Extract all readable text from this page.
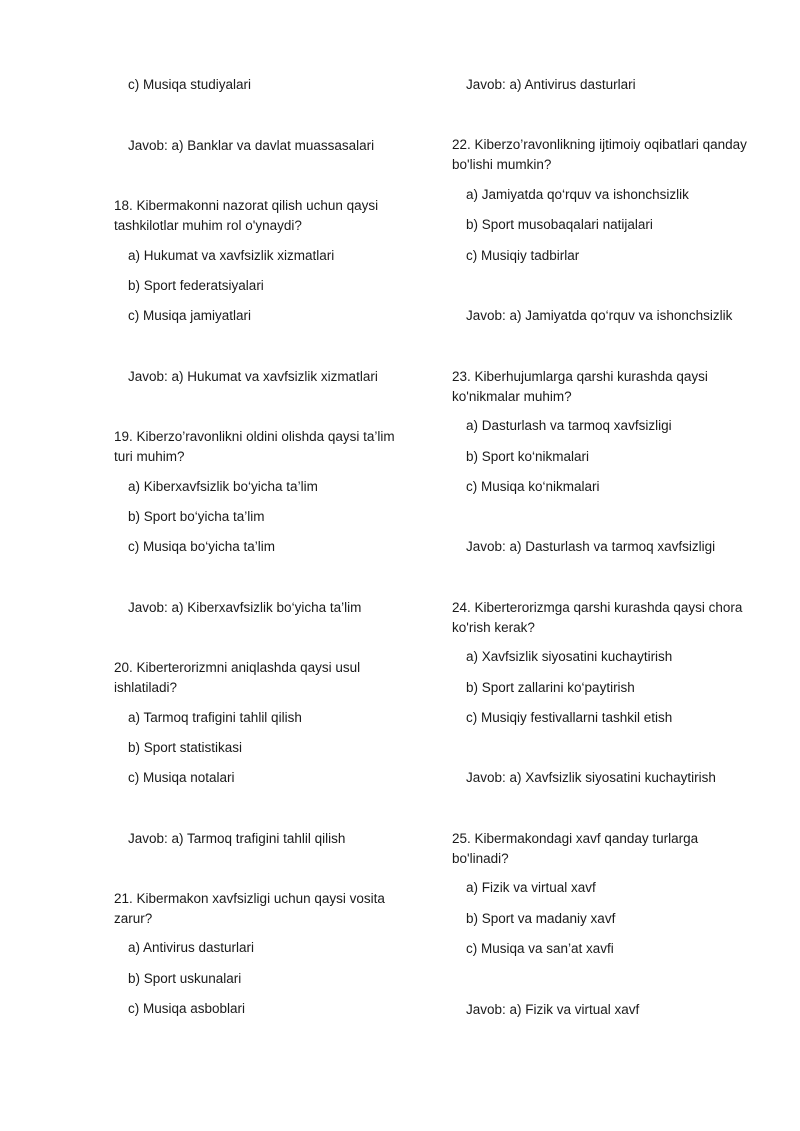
c) Musiqa studiyalari
Javob: a) Banklar va davlat muassasalari
18. Kibermakonni nazorat qilish uchun qaysi tashkilotlar muhim rol o'ynaydi?
a) Hukumat va xavfsizlik xizmatlari
b) Sport federatsiyalari
c) Musiqa jamiyatlari
Javob: a) Hukumat va xavfsizlik xizmatlari
19. Kiberzo’ravonlikni oldini olishda qaysi ta’lim turi muhim?
a) Kiberxavfsizlik bo‘yicha ta’lim
b) Sport bo‘yicha ta’lim
c) Musiqa bo‘yicha ta’lim
Javob: a) Kiberxavfsizlik bo‘yicha ta’lim
20. Kiberterorizmni aniqlashda qaysi usul ishlatiladi?
a) Tarmoq trafigini tahlil qilish
b) Sport statistikasi
c) Musiqa notalari
Javob: a) Tarmoq trafigini tahlil qilish
21. Kibermakon xavfsizligi uchun qaysi vosita zarur?
a) Antivirus dasturlari
b) Sport uskunalari
c) Musiqa asboblari
Javob: a) Antivirus dasturlari
22. Kiberzo’ravonlikning ijtimoiy oqibatlari qanday bo'lishi mumkin?
a) Jamiyatda qo‘rquv va ishonchsizlik
b) Sport musobaqalari natijalari
c) Musiqiy tadbirlar
Javob: a) Jamiyatda qo‘rquv va ishonchsizlik
23. Kiberhujumlarga qarshi kurashda qaysi ko'nikmalar muhim?
a) Dasturlash va tarmoq xavfsizligi
b) Sport ko‘nikmalari
c) Musiqa ko‘nikmalari
Javob: a) Dasturlash va tarmoq xavfsizligi
24. Kiberterorizmga qarshi kurashda qaysi chora ko'rish kerak?
a) Xavfsizlik siyosatini kuchaytirish
b) Sport zallarini ko‘paytirish
c) Musiqiy festivallarni tashkil etish
Javob: a) Xavfsizlik siyosatini kuchaytirish
25. Kibermakondagi xavf qanday turlarga bo'linadi?
a) Fizik va virtual xavf
b) Sport va madaniy xavf
c) Musiqa va san’at xavfi
Javob: a) Fizik va virtual xavf
